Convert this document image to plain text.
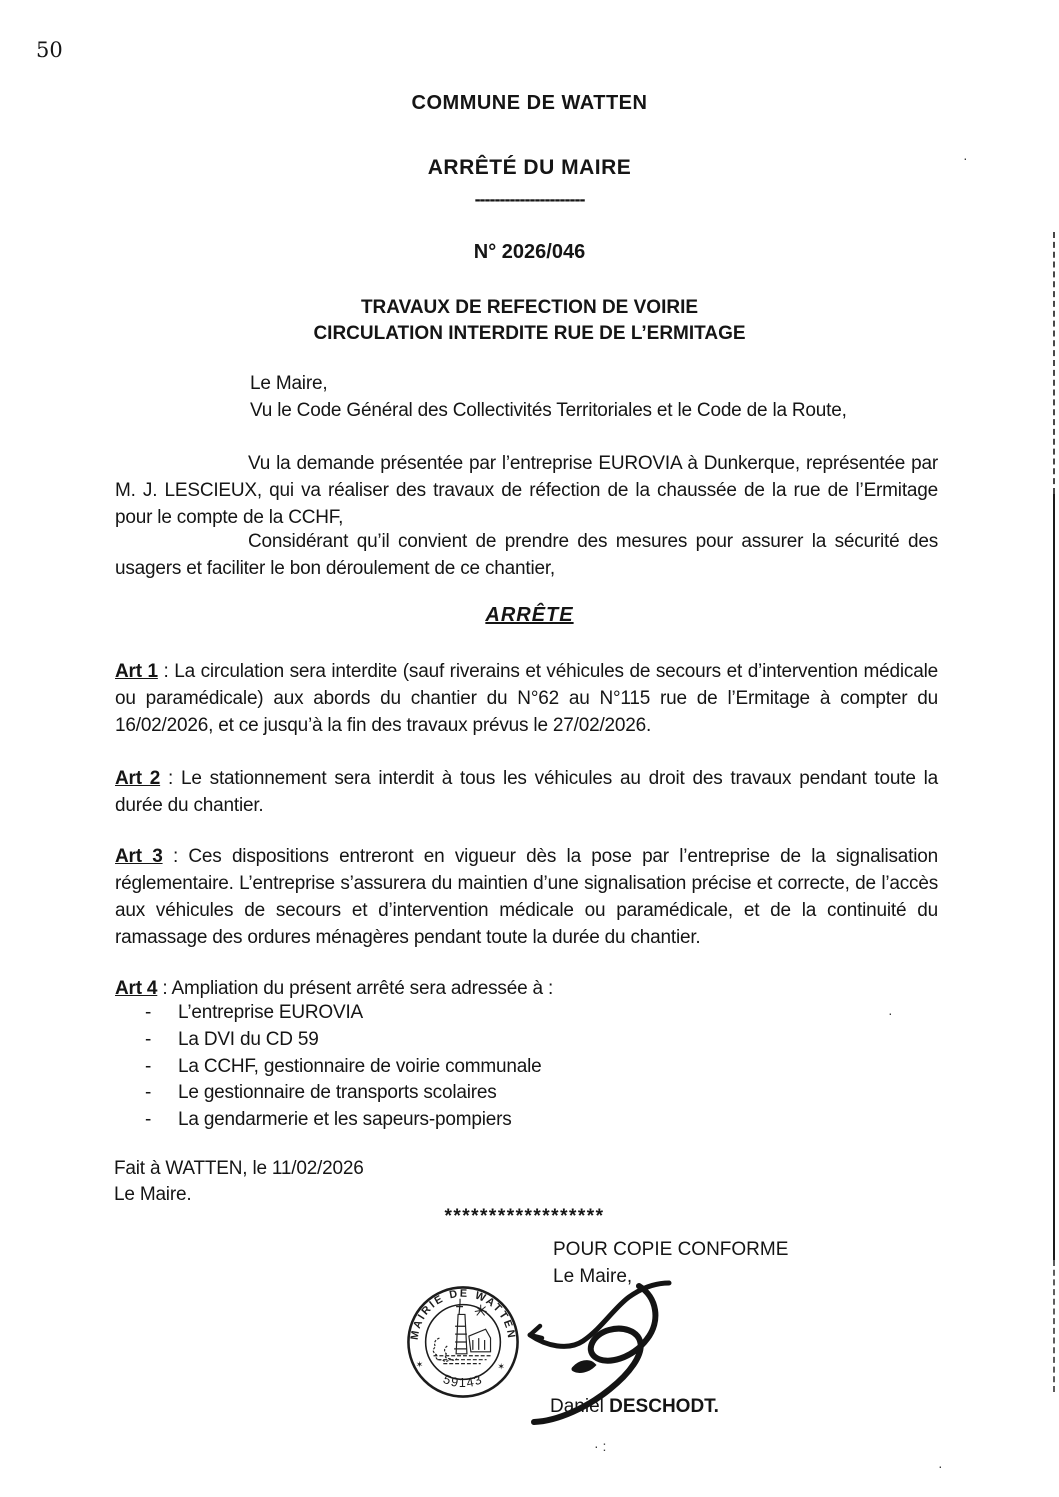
50
COMMUNE DE WATTEN
ARRÊTÉ DU MAIRE
----------------------
N° 2026/046
TRAVAUX DE REFECTION DE VOIRIE
CIRCULATION INTERDITE RUE DE L’ERMITAGE
Le Maire,
Vu le Code Général des Collectivités Territoriales et le Code de la Route,
Vu la demande présentée par l’entreprise EUROVIA à Dunkerque, représentée par M. J. LESCIEUX, qui va réaliser des travaux de réfection de la chaussée de la rue de l’Ermitage pour le compte de la CCHF,
Considérant qu’il convient de prendre des mesures pour assurer la sécurité des usagers et faciliter le bon déroulement de ce chantier,
ARRÊTE
Art 1 : La circulation sera interdite (sauf riverains et véhicules de secours et d’intervention médicale ou paramédicale) aux abords du chantier du N°62 au N°115 rue de l’Ermitage à compter du 16/02/2026, et ce jusqu’à la fin des travaux prévus le 27/02/2026.
Art 2 : Le stationnement sera interdit à tous les véhicules au droit des travaux pendant toute la durée du chantier.
Art 3 : Ces dispositions entreront en vigueur dès la pose par l’entreprise de la signalisation réglementaire. L’entreprise s’assurera du maintien d’une signalisation précise et correcte, de l’accès aux véhicules de secours et d’intervention médicale ou paramédicale, et de la continuité du ramassage des ordures ménagères pendant toute la durée du chantier.
Art 4 : Ampliation du présent arrêté sera adressée à :
-	L’entreprise EUROVIA
-	La DVI du CD 59
-	La CCHF, gestionnaire de voirie communale
-	Le gestionnaire de transports scolaires
-	La gendarmerie et les sapeurs-pompiers
Fait à WATTEN, le 11/02/2026
Le Maire.
******************
POUR COPIE CONFORME
Le Maire,
MAIRIE DE WATTEN
59143
✶	✶
Daniel DESCHODT.
·
·
· :
·
